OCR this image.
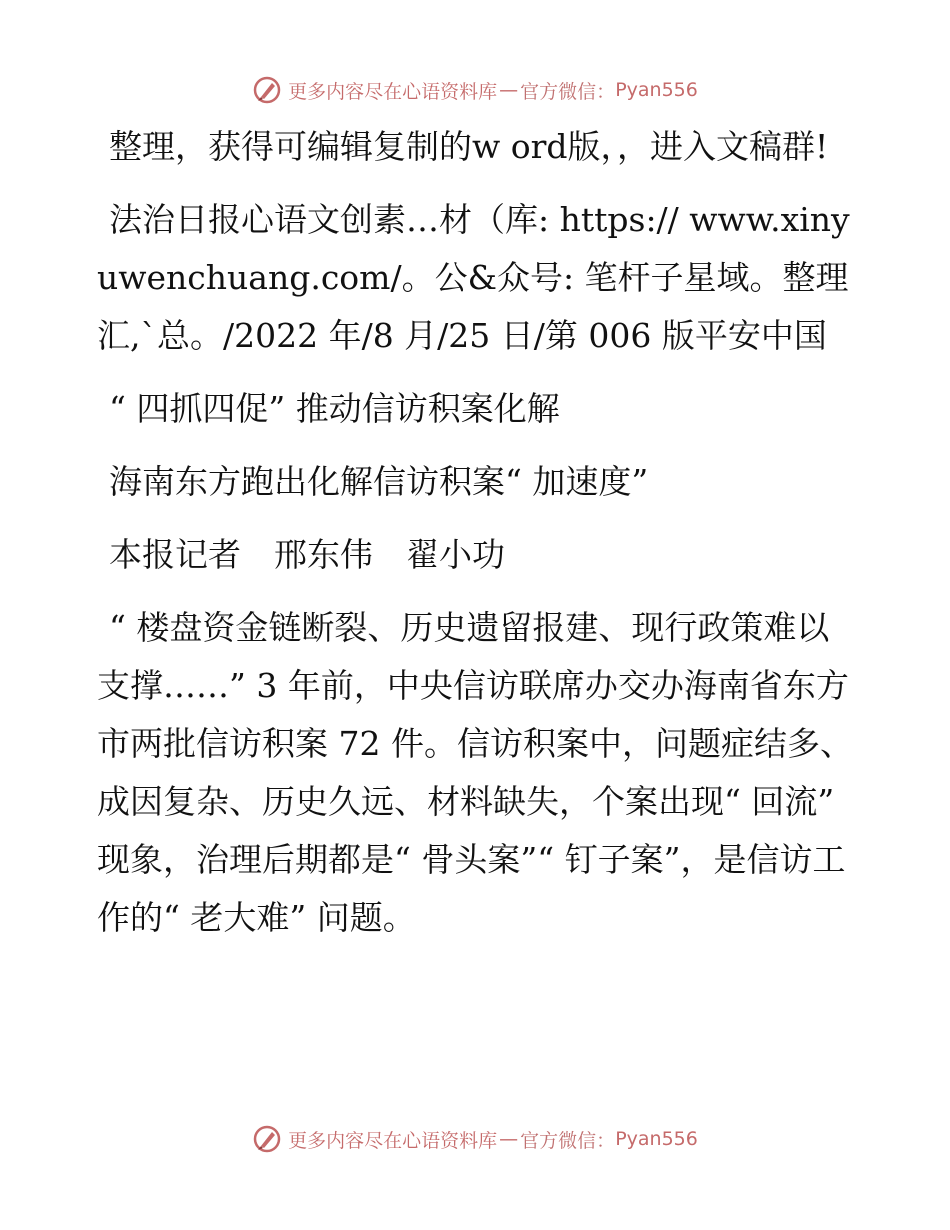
更多内容尽在心语资料库 — 官方微信： Pyan556

整理，获得可编辑复制的w ord版，，进入文稿群!

法治日报心语文创素…材（库: https:// www.xinyuwenchuang.com/。公&众号: 笔杆子星域。整理汇,`总。/2022 年/8 月/25 日/第 006 版平安中国

“ 四抓四促” 推动信访积案化解

海南东方跑出化解信访积案“ 加速度”

本报记者　邢东伟　翟小功

“ 楼盘资金链断裂、历史遗留报建、现行政策难以支撑……” 3 年前，中央信访联席办交办海南省东方市两批信访积案 72 件。信访积案中，问题症结多、成因复杂、历史久远、材料缺失，个案出现“ 回流” 现象，治理后期都是“ 骨头案”“ 钉子案”，是信访工作的“ 老大难” 问题。

更多内容尽在心语资料库 — 官方微信： Pyan556
